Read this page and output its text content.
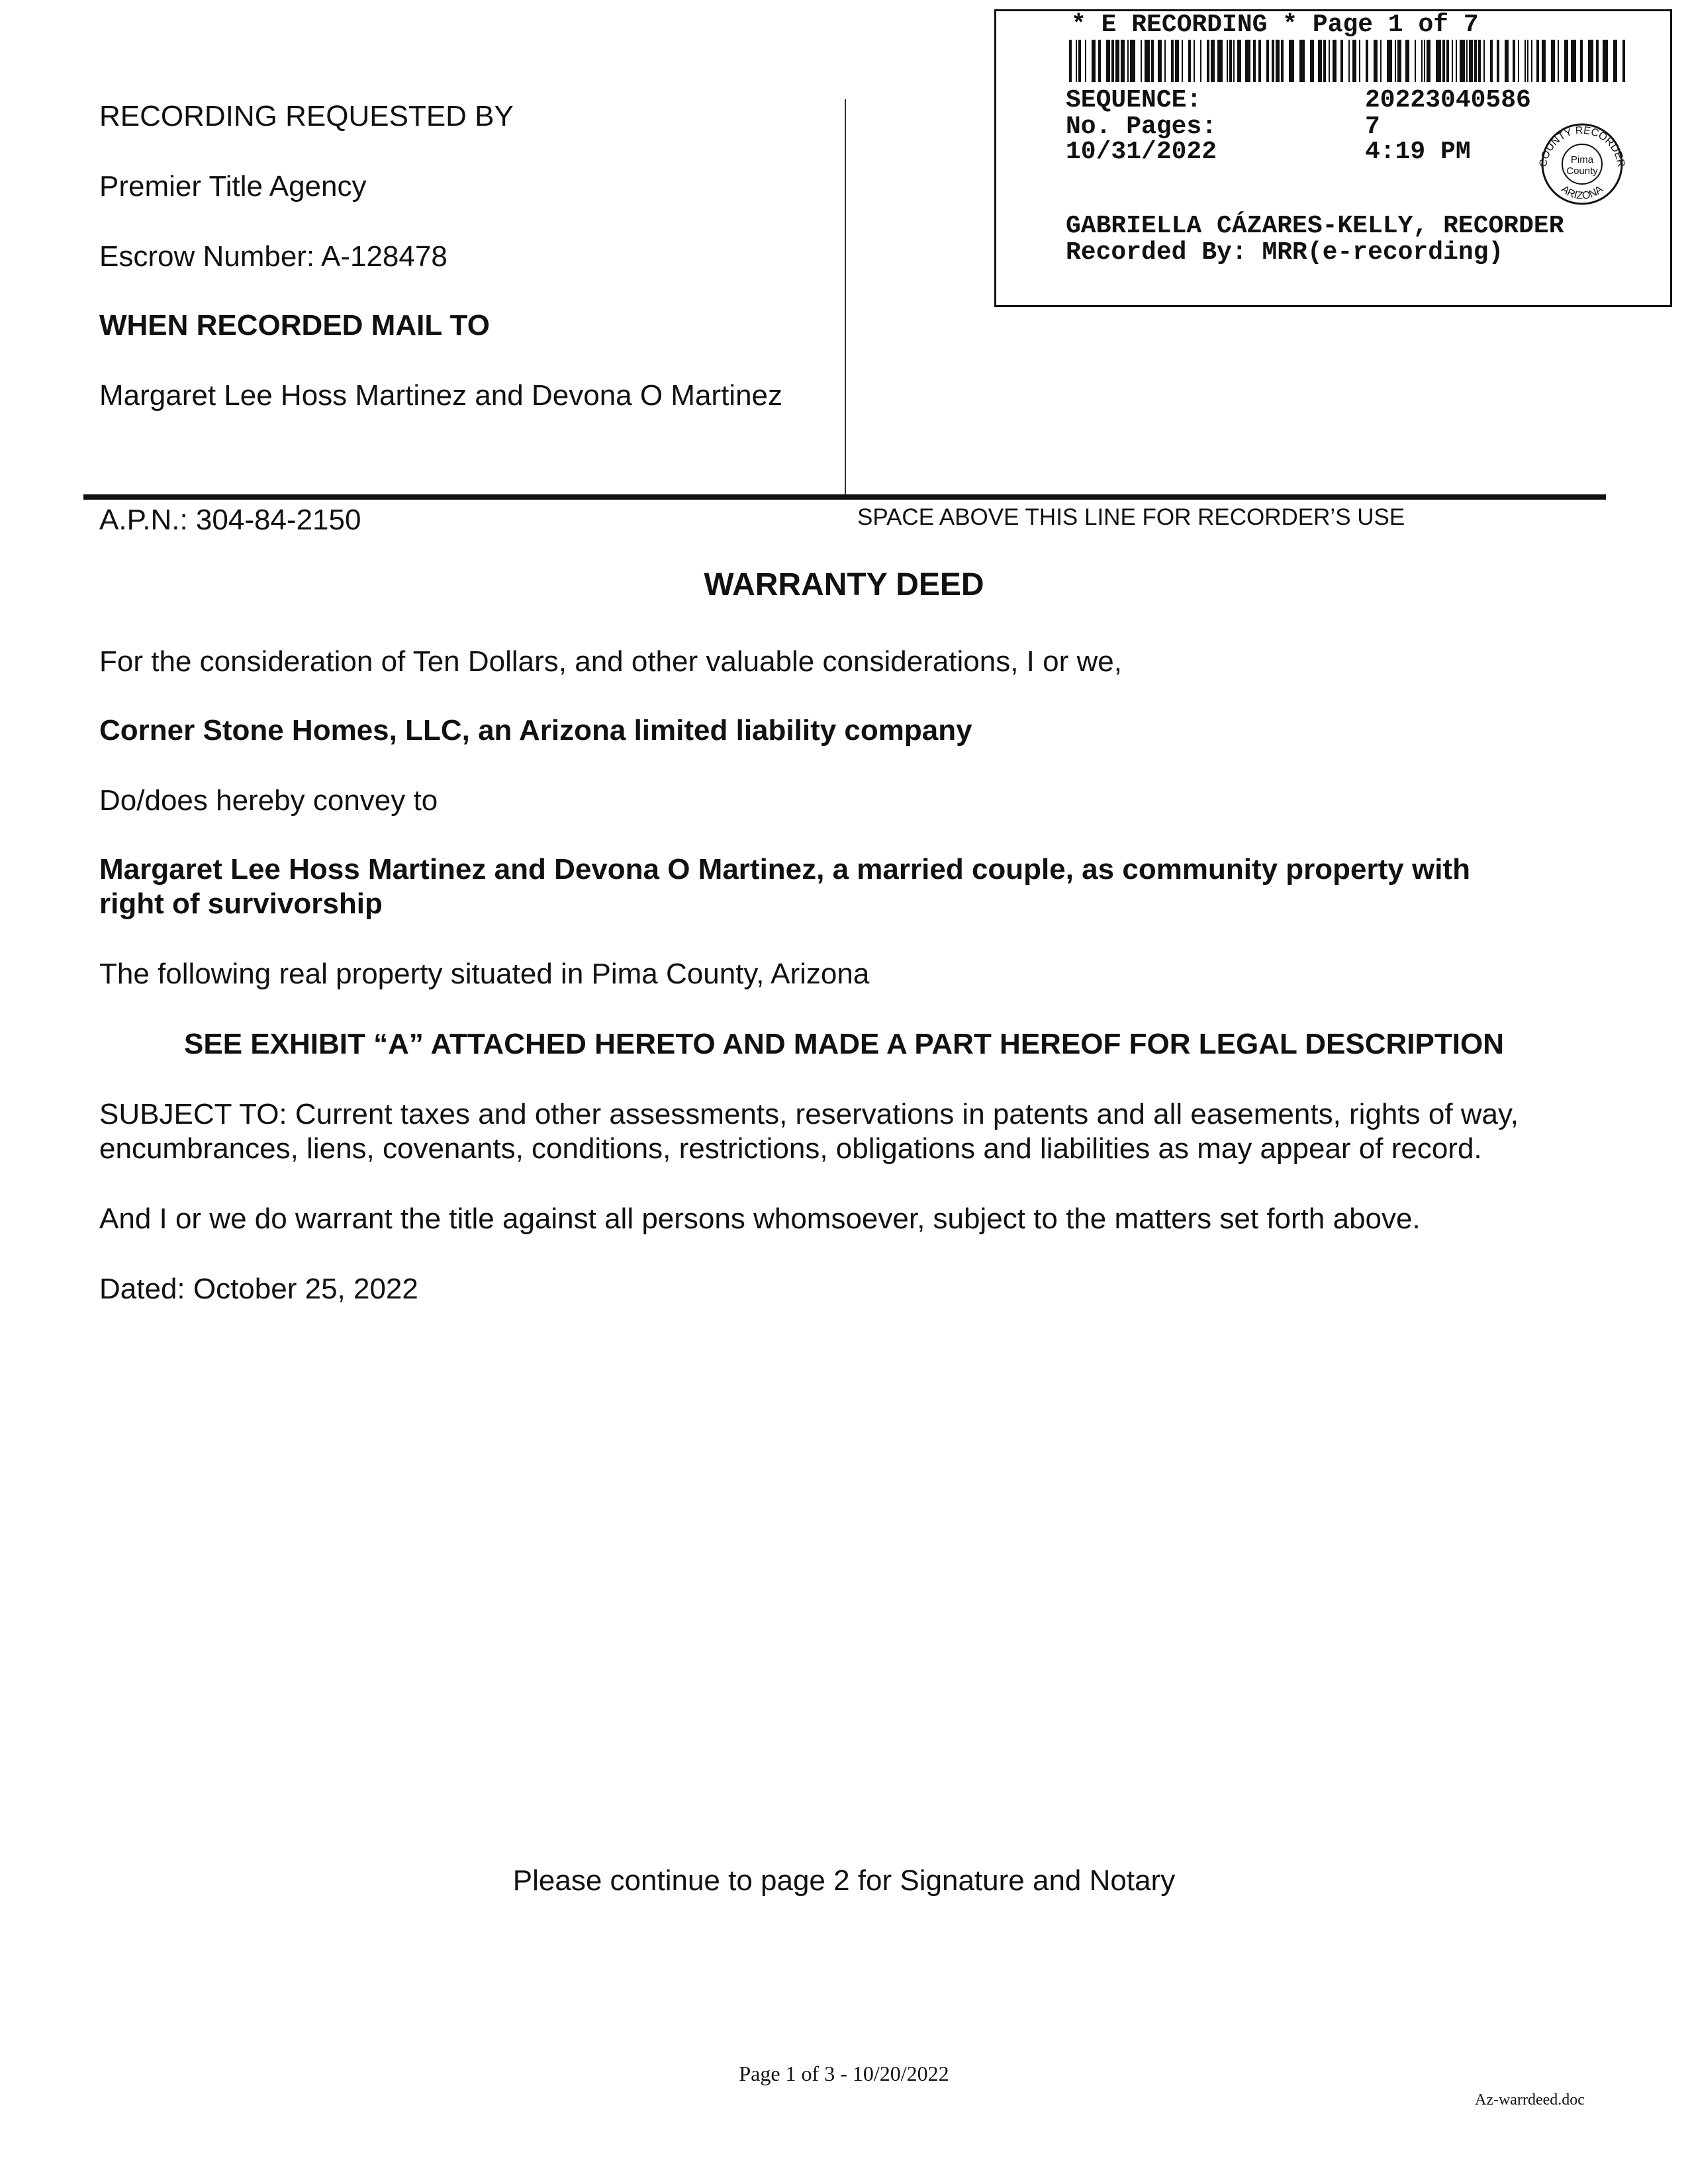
* E RECORDING * Page 1 of 7
SEQUENCE:	20223040586
No. Pages:	7
10/31/2022	4:19 PM	COUNTY RECORDER
ARIZONA
Pima
County
GABRIELLA CÁZARES-KELLY, RECORDER
Recorded By: MRR(e-recording)
RECORDING REQUESTED BY
Premier Title Agency
Escrow Number: A-128478
WHEN RECORDED MAIL TO
Margaret Lee Hoss Martinez and Devona O Martinez
A.P.N.: 304-84-2150	SPACE ABOVE THIS LINE FOR RECORDER’S USE
WARRANTY DEED
For the consideration of Ten Dollars, and other valuable considerations, I or we,
Corner Stone Homes, LLC, an Arizona limited liability company
Do/does hereby convey to
Margaret Lee Hoss Martinez and Devona O Martinez, a married couple, as community property with
right of survivorship
The following real property situated in Pima County, Arizona
SEE EXHIBIT “A” ATTACHED HERETO AND MADE A PART HEREOF FOR LEGAL DESCRIPTION
SUBJECT TO: Current taxes and other assessments, reservations in patents and all easements, rights of way,
encumbrances, liens, covenants, conditions, restrictions, obligations and liabilities as may appear of record.
And I or we do warrant the title against all persons whomsoever, subject to the matters set forth above.
Dated: October 25, 2022
Please continue to page 2 for Signature and Notary
Page 1 of 3 - 10/20/2022
Az-warrdeed.doc
